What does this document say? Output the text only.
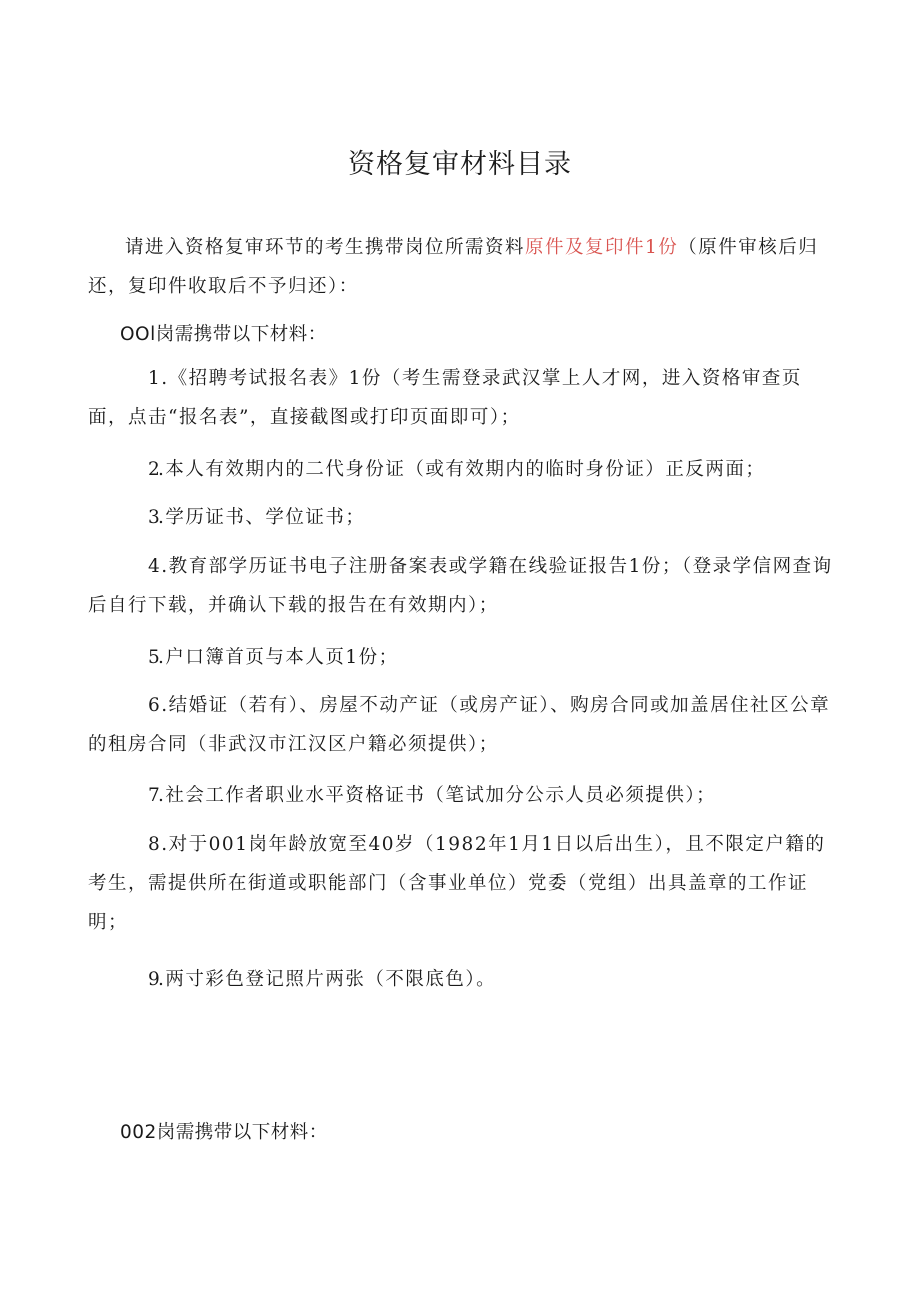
资格复审材料目录
请进入资格复审环节的考生携带岗位所需资料原件及复印件1份（原件审核后归还，复印件收取后不予归还）：
OOl岗需携带以下材料：
1.《招聘考试报名表》1份（考生需登录武汉掌上人才网，进入资格审查页面，点击“报名表”，直接截图或打印页面即可）；
2.本人有效期内的二代身份证（或有效期内的临时身份证）正反两面；
3.学历证书、学位证书；
4.教育部学历证书电子注册备案表或学籍在线验证报告1份；（登录学信网查询后自行下载，并确认下载的报告在有效期内）；
5.户口簿首页与本人页1份；
6.结婚证（若有）、房屋不动产证（或房产证）、购房合同或加盖居住社区公章的租房合同（非武汉市江汉区户籍必须提供）；
7.社会工作者职业水平资格证书（笔试加分公示人员必须提供）；
8.对于001岗年龄放宽至40岁（1982年1月1日以后出生），且不限定户籍的考生，需提供所在街道或职能部门（含事业单位）党委（党组）出具盖章的工作证明；
9.两寸彩色登记照片两张（不限底色）。
002岗需携带以下材料：
